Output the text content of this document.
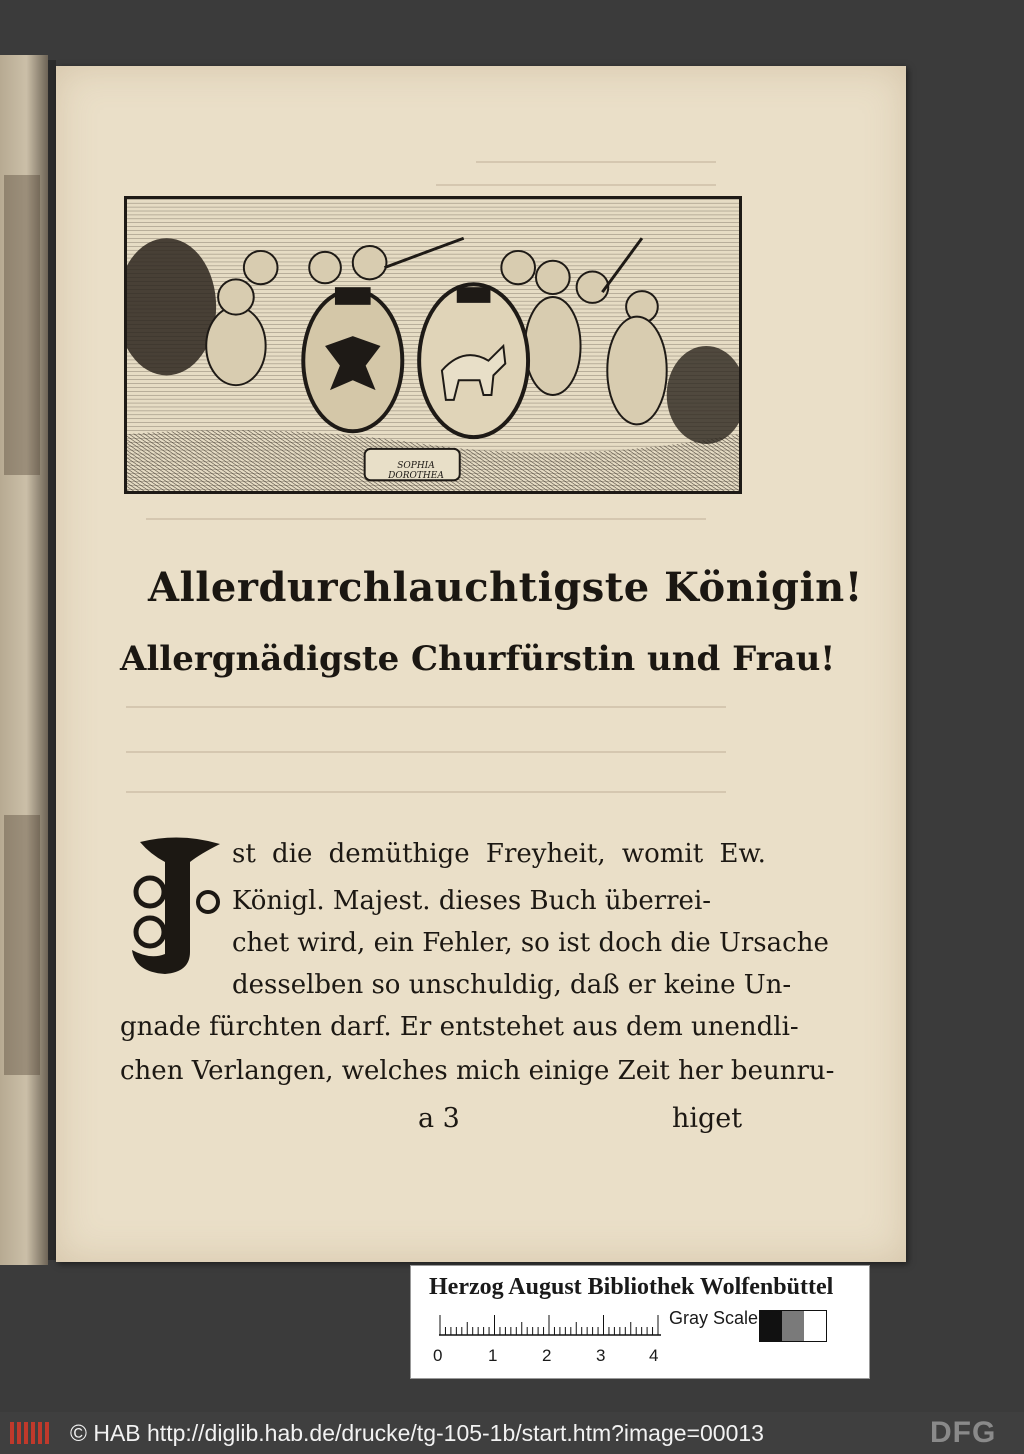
SOPHIA
DOROTHEA
Allerdurchlauchtigste Königin!
Allergnädigste Churfürstin und Frau!
st die demüthige Freyheit, womit Ew.
Königl. Majest. dieses Buch überrei-
chet wird, ein Fehler, so ist doch die Ursache
desselben so unschuldig, daß er keine Un-
gnade fürchten darf. Er entstehet aus dem unendli-
chen Verlangen, welches mich einige Zeit her beunru-
a 3	higet
Herzog August Bibliothek Wolfenbüttel
0	1	2	3	4
Gray Scale
© HAB http://diglib.hab.de/drucke/tg-105-1b/start.htm?image=00013	DFG
